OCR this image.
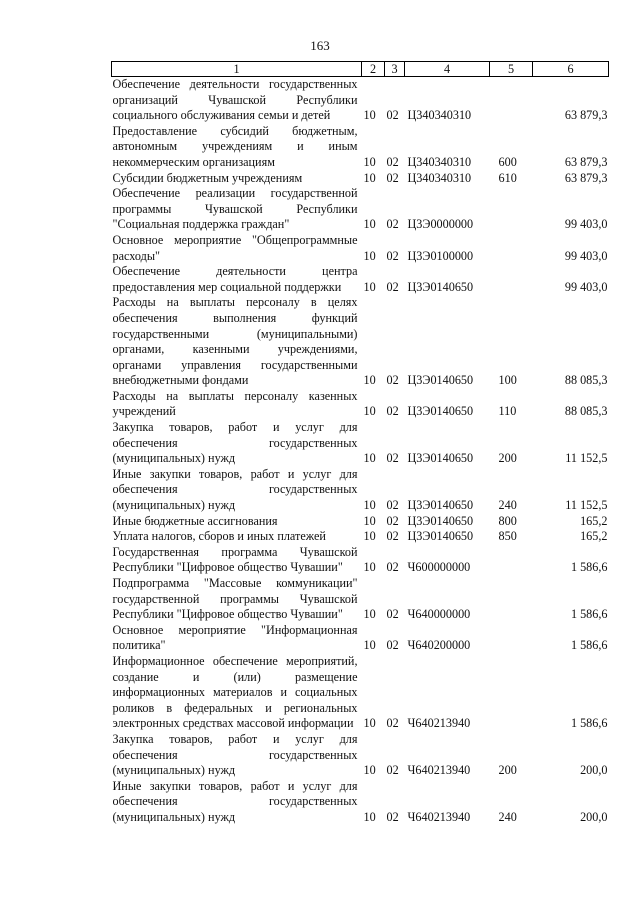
163
1	2	3	4	5	6
Обеспечение деятельности государственных организаций Чувашской Республики социального обслуживания семьи и детей	10	02	Ц340340310		63 879,3
Предоставление субсидий бюджетным, автономным учреждениям и иным некоммерческим организациям	10	02	Ц340340310	600	63 879,3
Субсидии бюджетным учреждениям	10	02	Ц340340310	610	63 879,3
Обеспечение реализации государственной программы Чувашской Республики "Социальная поддержка граждан"	10	02	Ц3Э0000000		99 403,0
Основное мероприятие "Общепрограммные расходы"	10	02	Ц3Э0100000		99 403,0
Обеспечение деятельности центра предоставления мер социальной поддержки	10	02	Ц3Э0140650		99 403,0
Расходы на выплаты персоналу в целях обеспечения выполнения функций государственными (муниципальными) органами, казенными учреждениями, органами управления государственными внебюджетными фондами	10	02	Ц3Э0140650	100	88 085,3
Расходы на выплаты персоналу казенных учреждений	10	02	Ц3Э0140650	110	88 085,3
Закупка товаров, работ и услуг для обеспечения государственных (муниципальных) нужд	10	02	Ц3Э0140650	200	11 152,5
Иные закупки товаров, работ и услуг для обеспечения государственных (муниципальных) нужд	10	02	Ц3Э0140650	240	11 152,5
Иные бюджетные ассигнования	10	02	Ц3Э0140650	800	165,2
Уплата налогов, сборов и иных платежей	10	02	Ц3Э0140650	850	165,2
Государственная программа Чувашской Республики "Цифровое общество Чувашии"	10	02	Ч600000000		1 586,6
Подпрограмма "Массовые коммуникации" государственной программы Чувашской Республики "Цифровое общество Чувашии"	10	02	Ч640000000		1 586,6
Основное мероприятие "Информационная политика"	10	02	Ч640200000		1 586,6
Информационное обеспечение мероприятий, создание и (или) размещение информационных материалов и социальных роликов в федеральных и региональных электронных средствах массовой информации	10	02	Ч640213940		1 586,6
Закупка товаров, работ и услуг для обеспечения государственных (муниципальных) нужд	10	02	Ч640213940	200	200,0
Иные закупки товаров, работ и услуг для обеспечения государственных (муниципальных) нужд	10	02	Ч640213940	240	200,0
